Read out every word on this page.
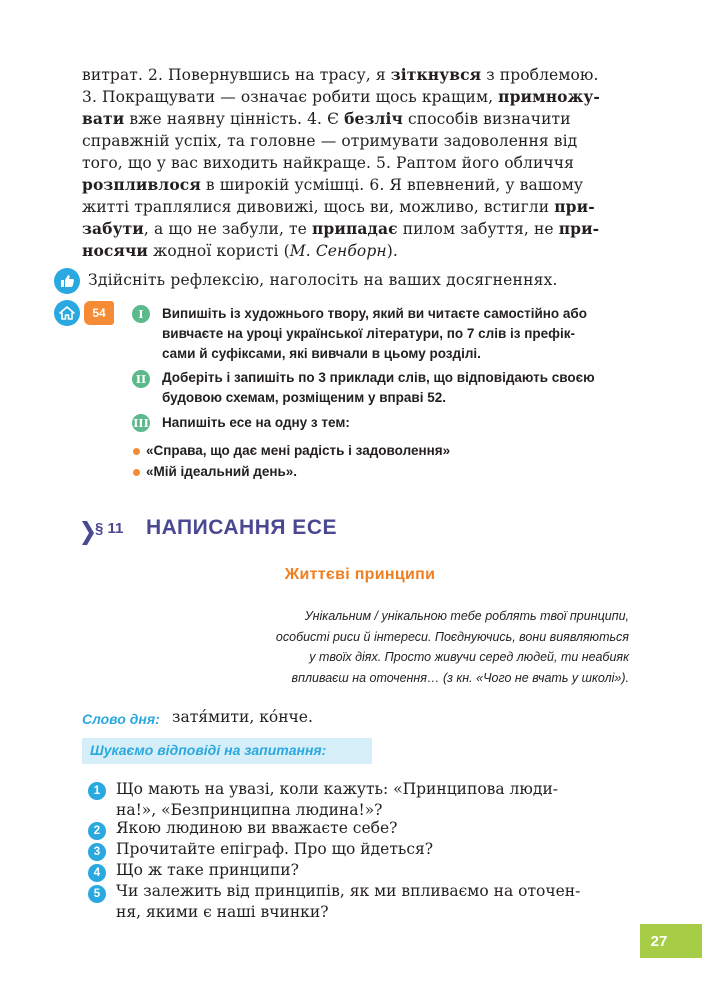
витрат. 2. Повернувшись на трасу, я зіткнувся з проблемою.
3. Покращувати — означає робити щось кращим, примножу-
вати вже наявну цінність. 4. Є безліч способів визначити
справжній успіх, та головне — отримувати задоволення від
того, що у вас виходить найкраще. 5. Раптом його обличчя
розпливлося в широкій усмішці. 6. Я впевнений, у вашому
житті траплялися дивовижі, щось ви, можливо, встигли при-
забути, а що не забули, те припадає пилом забуття, не при-
носячи жодної користі (М. Сенборн).
Здійсніть рефлексію, наголосіть на ваших досягненнях.
54	I	Випишіть із художнього твору, який ви читаєте самостійно або
вивчаєте на уроці української літератури, по 7 слів із префік-
сами й суфіксами, які вивчали в цьому розділі.
II Доберіть і запишіть по 3 приклади слів, що відповідають своєю
будовою схемам, розміщеним у вправі 52.
III Напишіть есе на одну з тем:
«Справа, що дає мені радість і задоволення»
«Мій ідеальний день».
§ 11 НАПИСАННЯ ЕСЕ
Життєві принципи
Унікальним / унікальною тебе роблять твої принципи,
особисті риси й інтереси. Поєднуючись, вони виявляються
у твоїх діях. Просто живучи серед людей, ти неабияк
впливаєш на оточення… (з кн. «Чого не вчать у школі»).
Слово дня: затя́мити, ко́нче.
Шукаємо відповіді на запитання:
1	Що мають на увазі, коли кажуть: «Принципова люди-
на!», «Безпринципна людина!»?
2	Якою людиною ви вважаєте себе?
3	Прочитайте епіграф. Про що йдеться?
4	Що ж таке принципи?
5	Чи залежить від принципів, як ми впливаємо на оточен-
ня, якими є наші вчинки?
27
